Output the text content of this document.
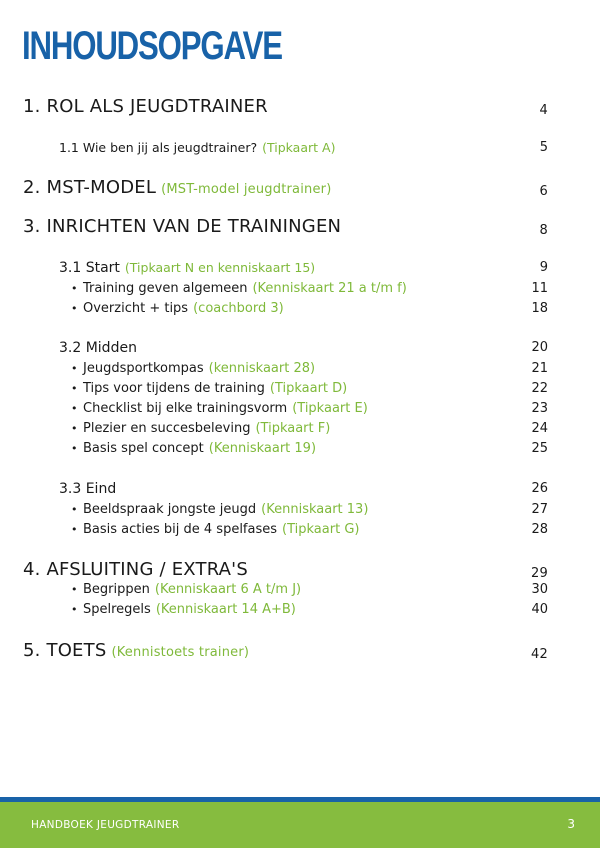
INHOUDSOPGAVE
1. ROL ALS JEUGDTRAINER	4
1.1 Wie ben jij als jeugdtrainer? (Tipkaart A)	5
2. MST-MODEL (MST-model jeugdtrainer)	6
3. INRICHTEN VAN DE TRAININGEN	8
3.1 Start (Tipkaart N en kenniskaart 15)	9
• Training geven algemeen (Kenniskaart 21 a t/m f)	11
• Overzicht + tips (coachbord 3)	18
3.2 Midden	20
• Jeugdsportkompas (kenniskaart 28)	21
• Tips voor tijdens de training (Tipkaart D)	22
• Checklist bij elke trainingsvorm (Tipkaart E)	23
• Plezier en succesbeleving (Tipkaart F)	24
• Basis spel concept (Kenniskaart 19)	25
3.3 Eind	26
• Beeldspraak jongste jeugd (Kenniskaart 13)	27
• Basis acties bij de 4 spelfases (Tipkaart G)	28
4. AFSLUITING / EXTRA'S	29
• Begrippen (Kenniskaart 6 A t/m J)	30
• Spelregels (Kenniskaart 14 A+B)	40
5. TOETS (Kennistoets trainer)	42
HANDBOEK JEUGDTRAINER	3
